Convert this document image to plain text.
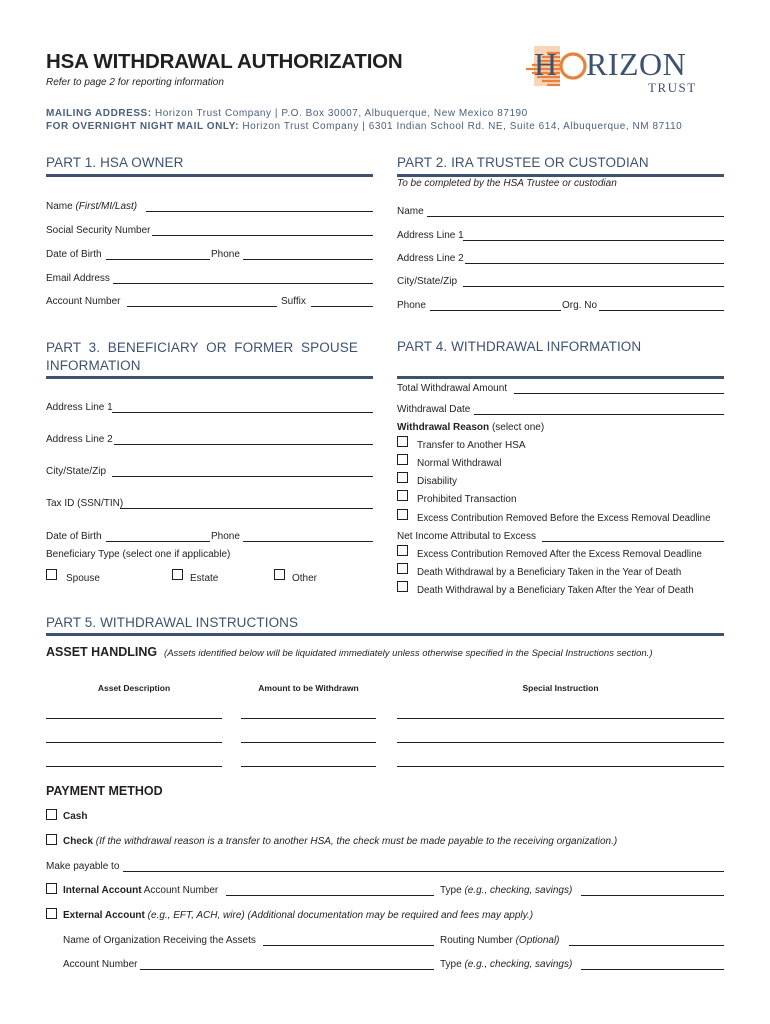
HSA WITHDRAWAL AUTHORIZATION
Refer to page 2 for reporting information
H RIZON
TRUST
MAILING ADDRESS: Horizon Trust Company | P.O. Box 30007, Albuquerque, New Mexico 87190
FOR OVERNIGHT NIGHT MAIL ONLY: Horizon Trust Company | 6301 Indian School Rd. NE, Suite 614, Albuquerque, NM 87110
PART 1. HSA OWNER	PART 2. IRA TRUSTEE OR CUSTODIAN
To be completed by the HSA Trustee or custodian
Name (First/MI/Last)
Social Security Number
Date of Birth	Phone
Email Address
Account Number	Suffix
Name
Address Line 1
Address Line 2
City/State/Zip
Phone	Org. No
PART  3.  BENEFICIARY  OR  FORMER  SPOUSE
INFORMATION
PART 4. WITHDRAWAL INFORMATION
Address Line 1
Address Line 2
City/State/Zip
Tax ID (SSN/TIN)
Date of Birth	Phone
Beneficiary Type (select one if applicable)
Spouse	Estate	Other
Total Withdrawal Amount
Withdrawal Date
Withdrawal Reason (select one)
Transfer to Another HSA
Normal Withdrawal
Disability
Prohibited Transaction
Excess Contribution Removed Before the Excess Removal Deadline
Net Income Attributal to Excess
Excess Contribution Removed After the Excess Removal Deadline
Death Withdrawal by a Beneficiary Taken in the Year of Death
Death Withdrawal by a Beneficiary Taken After the Year of Death
PART 5. WITHDRAWAL INSTRUCTIONS
ASSET HANDLING (Assets identified below will be liquidated immediately unless otherwise specified in the Special Instructions section.)
Asset Description	Amount to be Withdrawn	Special Instruction
PAYMENT METHOD
Cash
Check (If the withdrawal reason is a transfer to another HSA, the check must be made payable to the receiving organization.)
Make payable to
Internal Account Account Number	Type (e.g., checking, savings)
External Account (e.g., EFT, ACH, wire) (Additional documentation may be required and fees may apply.)
Name of Organization Receiving the Assets	Routing Number (Optional)
Account Number	Type (e.g., checking, savings)
